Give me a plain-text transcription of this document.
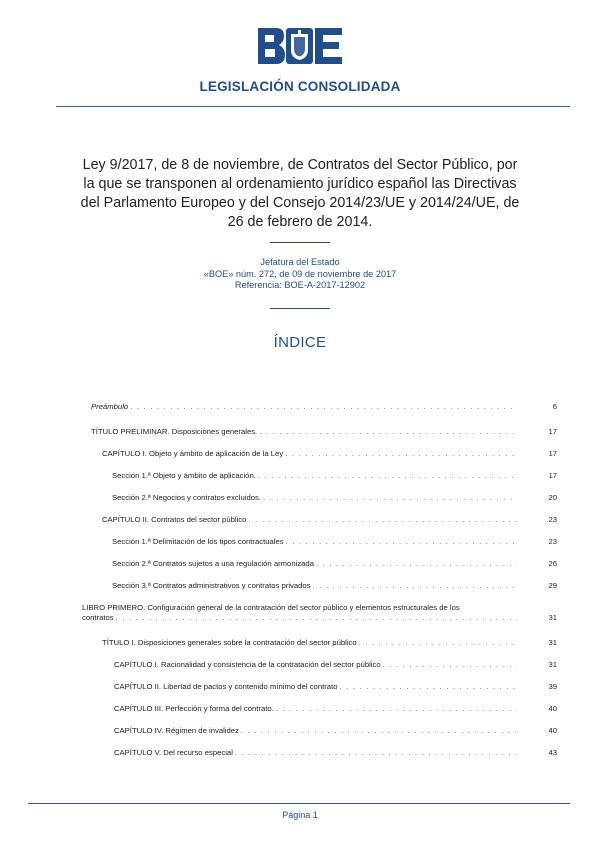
LEGISLACIÓN CONSOLIDADA
Ley 9/2017, de 8 de noviembre, de Contratos del Sector Público, por la que se transponen al ordenamiento jurídico español las Directivas del Parlamento Europeo y del Consejo 2014/23/UE y 2014/24/UE, de 26 de febrero de 2014.
Jefatura del Estado
«BOE» núm. 272, de 09 de noviembre de 2017
Referencia: BOE-A-2017-12902
ÍNDICE
Preámbulo . . .	6
TÍTULO PRELIMINAR. Disposiciones generales. . . .	17
CAPÍTULO I. Objeto y ámbito de aplicación de la Ley . . .	17
Sección 1.ª Objeto y ámbito de aplicación. . . .	17
Sección 2.ª Negocios y contratos excluidos. . . .	20
CAPÍTULO II. Contratos del sector público . . .	23
Sección 1.ª Delimitación de los tipos contractuales . . .	23
Sección 2.ª Contratos sujetos a una regulación armonizada . . .	26
Sección 3.ª Contratos administrativos y contratos privados . . .	29
LIBRO PRIMERO. Configuración general de la contratación del sector público y elementos estructurales de los
contratos . . .	31
TÍTULO I. Disposiciones generales sobre la contratación del sector público . . .	31
CAPÍTULO I. Racionalidad y consistencia de la contratación del sector público . . .	31
CAPÍTULO II. Libertad de pactos y contenido mínimo del contrato . . .	39
CAPÍTULO III. Perfección y forma del contrato. . . .	40
CAPÍTULO IV. Régimen de invalidez . . .	40
CAPÍTULO V. Del recurso especial . . .	43
Página 1
